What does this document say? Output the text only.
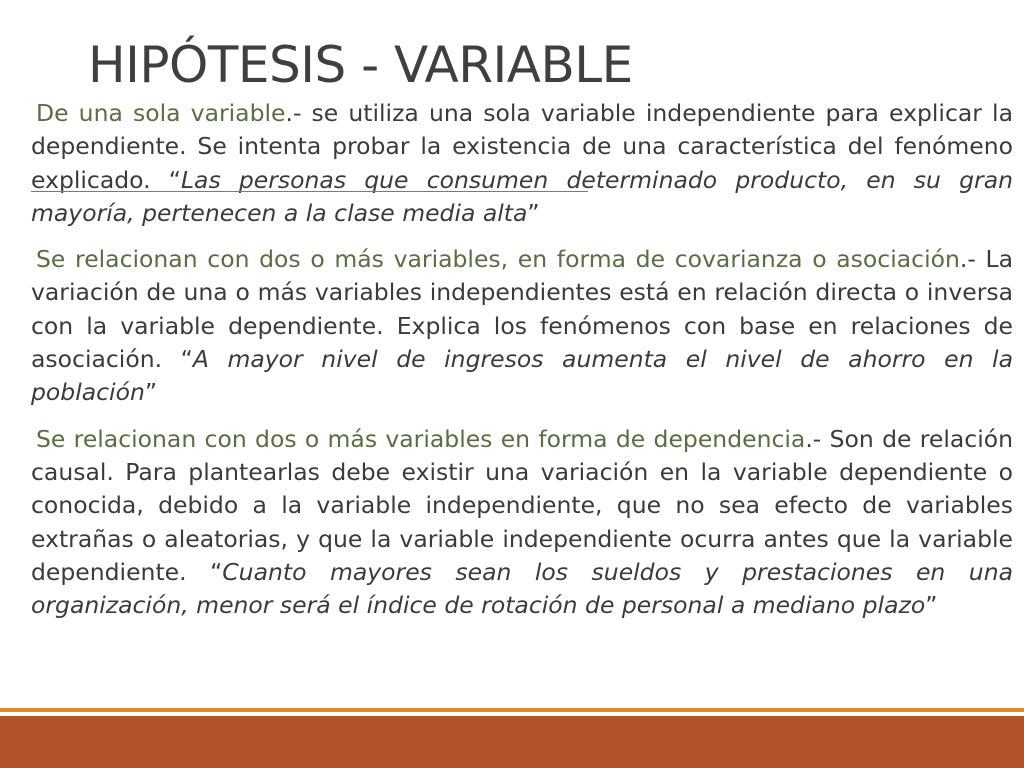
HIPÓTESIS - VARIABLE

De una sola variable.- se utiliza una sola variable independiente para explicar la dependiente. Se intenta probar la existencia de una característica del fenómeno explicado. “Las personas que consumen determinado producto, en su gran mayoría, pertenecen a la clase media alta”

Se relacionan con dos o más variables, en forma de covarianza o asociación.- La variación de una o más variables independientes está en relación directa o inversa con la variable dependiente. Explica los fenómenos con base en relaciones de asociación. “A mayor nivel de ingresos aumenta el nivel de ahorro en la población”

Se relacionan con dos o más variables en forma de dependencia.- Son de relación causal. Para plantearlas debe existir una variación en la variable dependiente o conocida, debido a la variable independiente, que no sea efecto de variables extrañas o aleatorias, y que la variable independiente ocurra antes que la variable dependiente. “Cuanto mayores sean los sueldos y prestaciones en una organización, menor será el índice de rotación de personal a mediano plazo”
